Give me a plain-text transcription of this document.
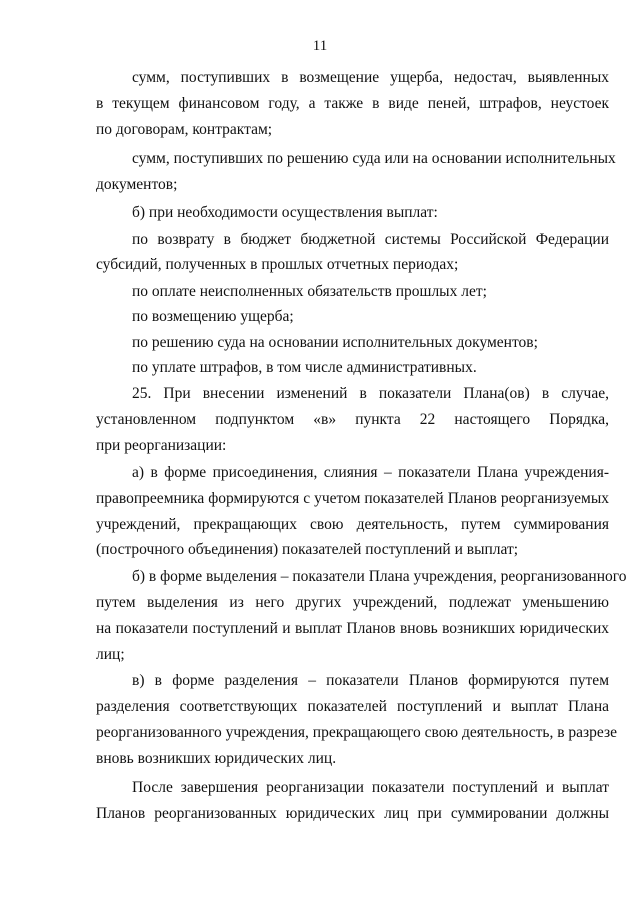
11
сумм, поступивших в возмещение ущерба, недостач, выявленных
в текущем финансовом году, а также в виде пеней, штрафов, неустоек
по договорам, контрактам;
сумм, поступивших по решению суда или на основании исполнительных
документов;
б) при необходимости осуществления выплат:
по возврату в бюджет бюджетной системы Российской Федерации
субсидий, полученных в прошлых отчетных периодах;
по оплате неисполненных обязательств прошлых лет;
по возмещению ущерба;
по решению суда на основании исполнительных документов;
по уплате штрафов, в том числе административных.
25. При внесении изменений в показатели Плана(ов) в случае,
установленном подпунктом «в» пункта 22 настоящего Порядка,
при реорганизации:
а) в форме присоединения, слияния – показатели Плана учреждения-
правопреемника формируются с учетом показателей Планов реорганизуемых
учреждений, прекращающих свою деятельность, путем суммирования
(построчного объединения) показателей поступлений и выплат;
б) в форме выделения – показатели Плана учреждения, реорганизованного
путем выделения из него других учреждений, подлежат уменьшению
на показатели поступлений и выплат Планов вновь возникших юридических
лиц;
в) в форме разделения – показатели Планов формируются путем
разделения соответствующих показателей поступлений и выплат Плана
реорганизованного учреждения, прекращающего свою деятельность, в разрезе
вновь возникших юридических лиц.
После завершения реорганизации показатели поступлений и выплат
Планов реорганизованных юридических лиц при суммировании должны
